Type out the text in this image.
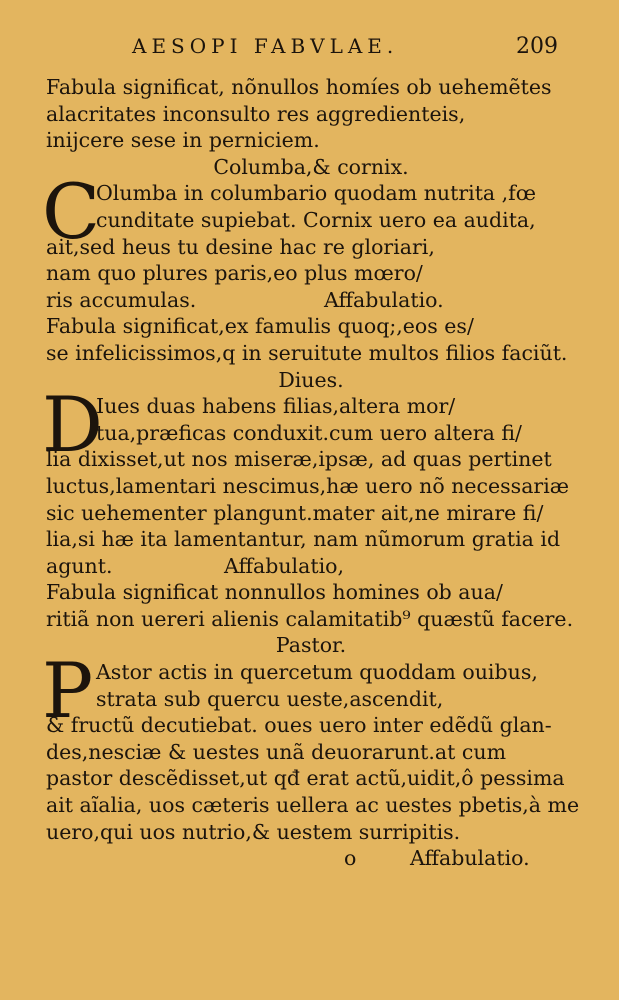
AESOPI FABVLAE.	209
Fabula significat, nõnullos homíes ob uehemẽtes
alacritates inconsulto res aggredienteis,
inijcere sese in perniciem.
Columba,& cornix.
C
Olumba in columbario quodam nutrita ,fœ
cunditate supiebat. Cornix uero ea audita,
ait,sed heus tu desine hac re gloriari,
nam quo plures paris,eo plus mœro/
ris accumulas.	Affabulatio.
Fabula significat,ex famulis quoq;,eos es/
se infelicissimos,q in seruitute multos filios faciũt.
Diues.
D
Iues duas habens filias,altera mor/
tua,præficas conduxit.cum uero altera fi/
lia dixisset,ut nos miseræ,ipsæ, ad quas pertinet
luctus,lamentari nescimus,hæ uero nõ necessariæ
sic uehementer plangunt.mater ait,ne mirare fi/
lia,si hæ ita lamentantur, nam nũmorum gratia id
agunt.	Affabulatio,
Fabula significat nonnullos homines ob aua/
ritiã non uereri alienis calamitatib⁹ quæstũ facere.
Pastor.
P Astor actis in quercetum quoddam ouibus,
strata sub quercu ueste,ascendit,
& fructũ decutiebat. oues uero inter edẽdũ glan-
des,nesciæ & uestes unã deuorarunt.at cum
pastor descẽdisset,ut qđ erat actũ,uidit,ô pessima
ait aĩalia, uos cæteris uellera ac uestes pbetis,à me
uero,qui uos nutrio,& uestem surripitis.
o	Affabulatio.
